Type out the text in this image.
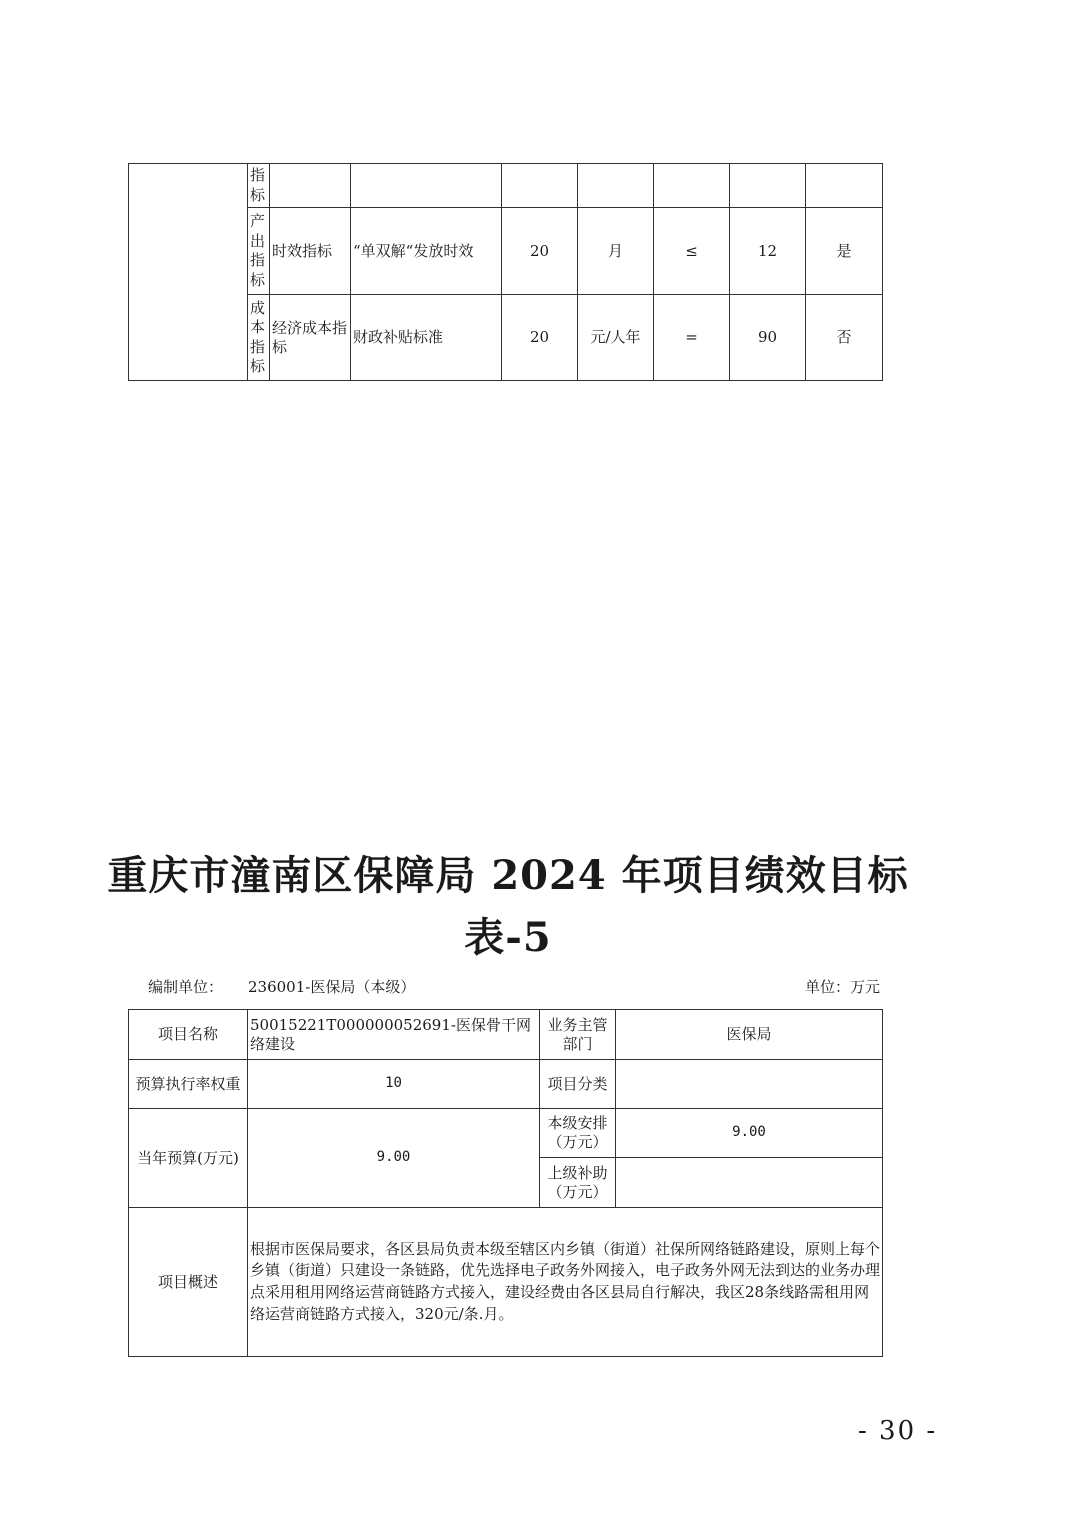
	指标							
	产出指标	时效指标	“单双解“发放时效	20	月	≤	12	是
	成本指标	经济成本指标	财政补贴标准	20	元/人年	=	90	否
重庆市潼南区保障局 2024 年项目绩效目标
表-5
编制单位： 236001-医保局（本级）	单位：万元
项目名称	50015221T000000052691-医保骨干网络建设	业务主管部门	医保局
预算执行率权重	10	项目分类	
当年预算(万元)	9.00	本级安排（万元）	9.00
		上级补助（万元）	
项目概述	根据市医保局要求，各区县局负责本级至辖区内乡镇（街道）社保所网络链路建设，原则上每个乡镇（街道）只建设一条链路，优先选择电子政务外网接入，电子政务外网无法到达的业务办理点采用租用网络运营商链路方式接入，建设经费由各区县局自行解决，我区28条线路需租用网络运营商链路方式接入，320元/条.月。		
- 30 -
